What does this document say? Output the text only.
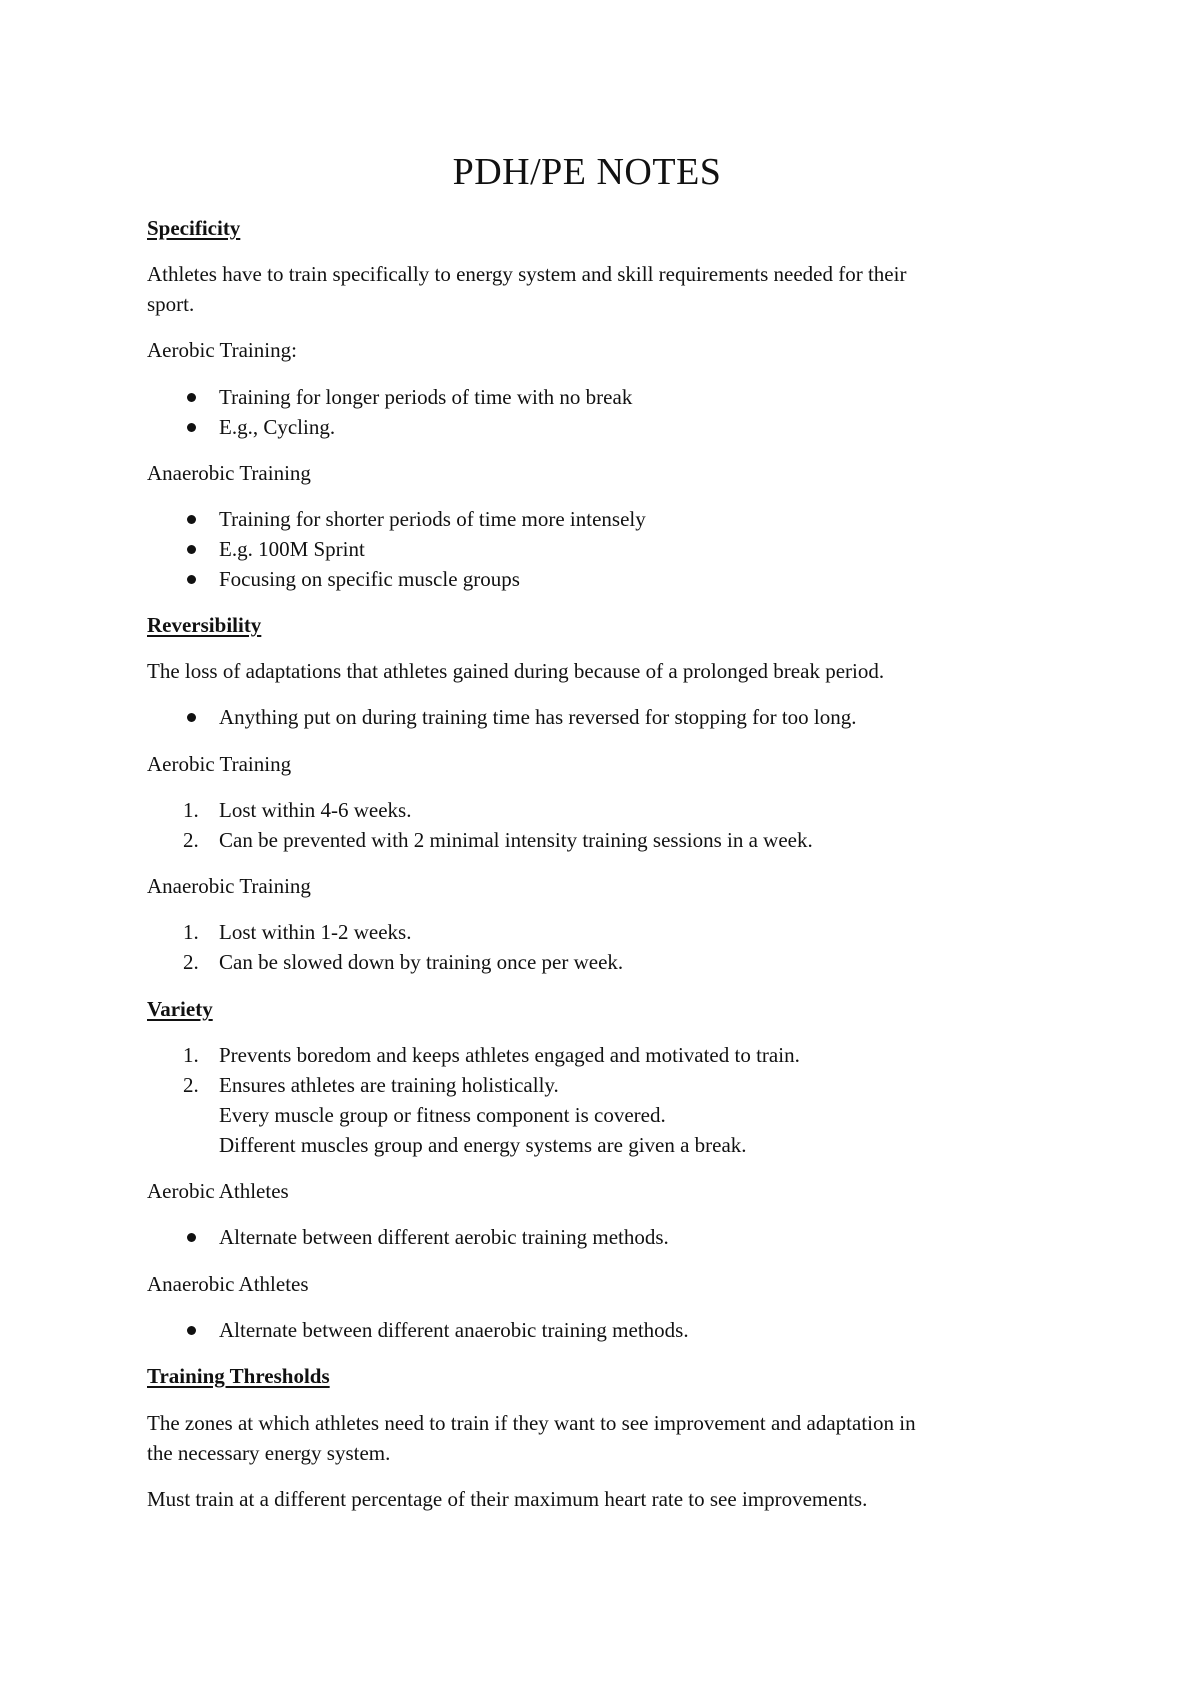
PDH/PE NOTES
Specificity
Athletes have to train specifically to energy system and skill requirements needed for their
sport.
Aerobic Training:
Training for longer periods of time with no break
E.g., Cycling.
Anaerobic Training
Training for shorter periods of time more intensely
E.g. 100M Sprint
Focusing on specific muscle groups
Reversibility
The loss of adaptations that athletes gained during because of a prolonged break period.
Anything put on during training time has reversed for stopping for too long.
Aerobic Training
1. Lost within 4-6 weeks.
2. Can be prevented with 2 minimal intensity training sessions in a week.
Anaerobic Training
1. Lost within 1-2 weeks.
2. Can be slowed down by training once per week.
Variety
1. Prevents boredom and keeps athletes engaged and motivated to train.
2. Ensures athletes are training holistically.
Every muscle group or fitness component is covered.
Different muscles group and energy systems are given a break.
Aerobic Athletes
Alternate between different aerobic training methods.
Anaerobic Athletes
Alternate between different anaerobic training methods.
Training Thresholds
The zones at which athletes need to train if they want to see improvement and adaptation in
the necessary energy system.
Must train at a different percentage of their maximum heart rate to see improvements.
